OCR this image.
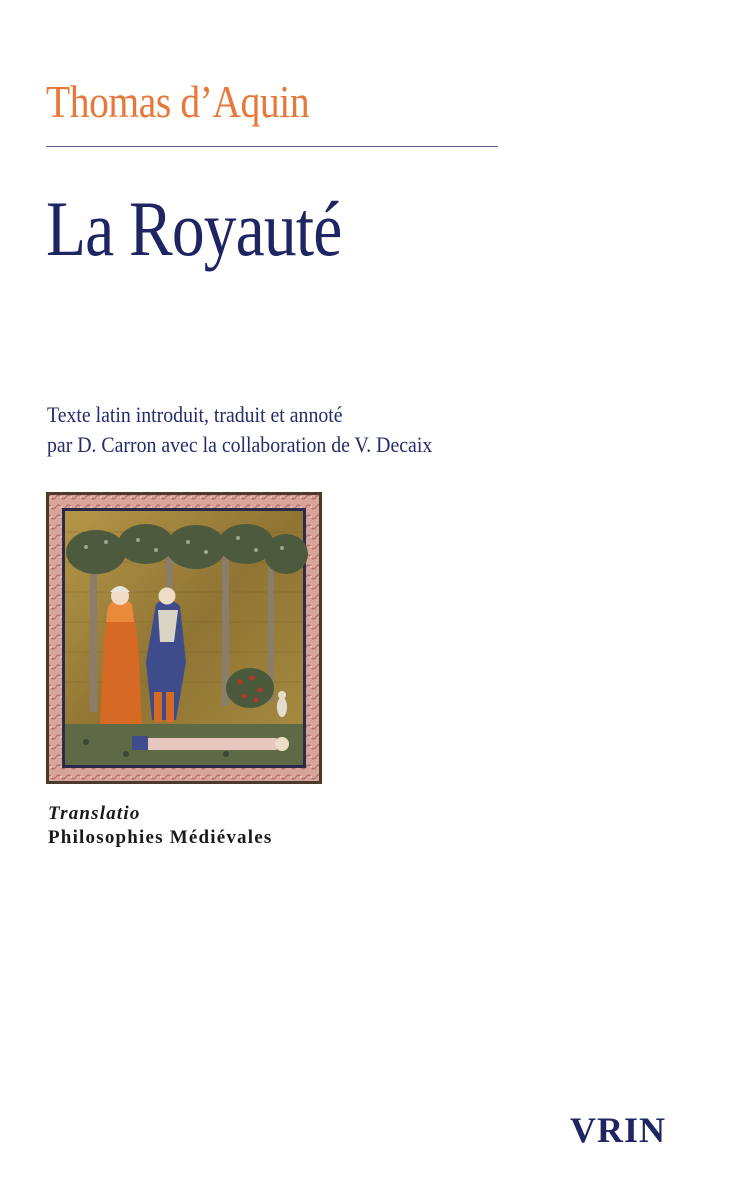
Thomas d’Aquin
La Royauté
Texte latin introduit, traduit et annoté
par D. Carron avec la collaboration de V. Decaix
Translatio
Philosophies Médiévales
VRIN
